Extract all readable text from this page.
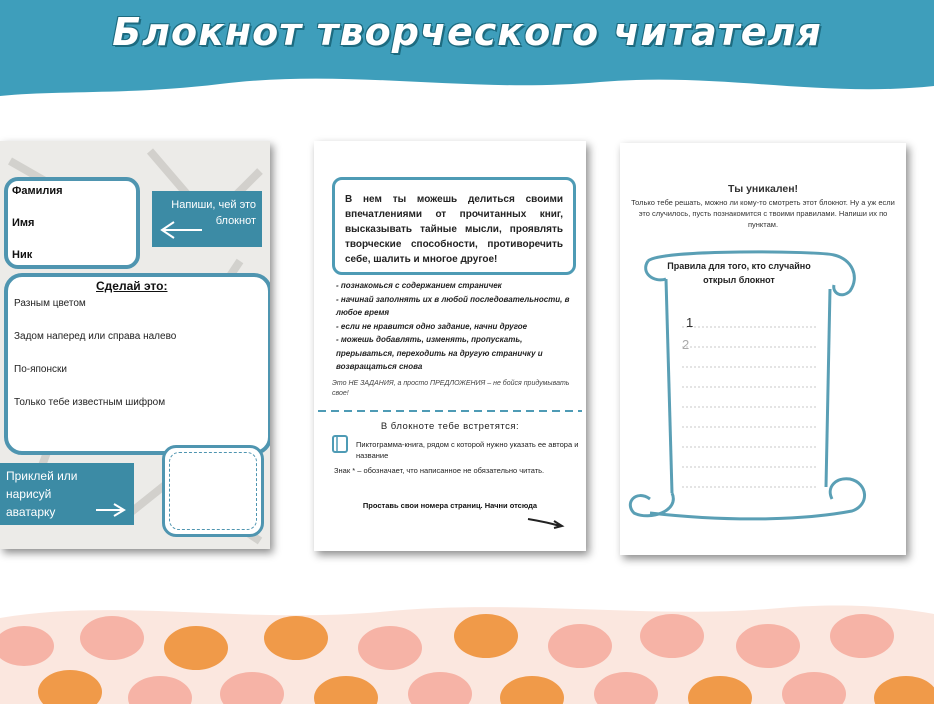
Блокнот творческого читателя
Фамилия
Имя
Ник
Напиши, чей это блокнот
Сделай это:
Разным цветом
Задом наперед или справа налево
По-японски
Только тебе известным шифром
Приклей или нарисуй аватарку
В нем ты можешь делиться своими впечатлениями от прочитанных книг, высказывать тайные мысли, проявлять творческие способности, противоречить себе, шалить и многое другое!
- познакомься с содержанием страничек
- начинай заполнять их в любой последовательности, в любое время
- если не нравится одно задание, начни другое
- можешь добавлять, изменять, пропускать, прерываться, переходить на другую страничку и возвращаться снова
Это НЕ ЗАДАНИЯ, а просто ПРЕДЛОЖЕНИЯ – не бойся придумывать свое!
В блокноте тебе встретятся:
Пиктограмма-книга, рядом с которой нужно указать ее автора и название
Знак * – обозначает, что написанное не обязательно читать.
Проставь свои номера страниц. Начни отсюда
Ты уникален!
Только тебе решать, можно ли кому-то смотреть этот блокнот. Ну а уж если это случилось, пусть познакомится с твоими правилами. Напиши их по пунктам.
Правила для того, кто случайно открыл блокнот
1
2
